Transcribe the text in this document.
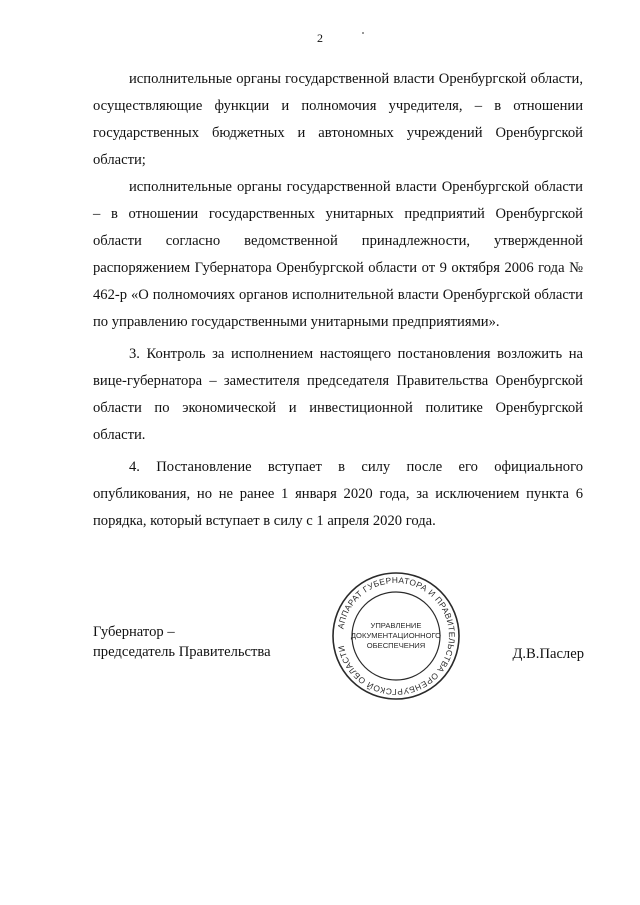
2

исполнительные органы государственной власти Оренбургской области, осуществляющие функции и полномочия учредителя, – в отношении государственных бюджетных и автономных учреждений Оренбургской области;

исполнительные органы государственной власти Оренбургской области – в отношении государственных унитарных предприятий Оренбургской области согласно ведомственной принадлежности, утвержденной распоряжением Губернатора Оренбургской области от 9 октября 2006 года № 462-р «О полномочиях органов исполнительной власти Оренбургской области по управлению государственными унитарными предприятиями».

3. Контроль за исполнением настоящего постановления возложить на вице-губернатора – заместителя председателя Правительства Оренбургской области по экономической и инвестиционной политике Оренбургской области.

4. Постановление вступает в силу после его официального опубликования, но не ранее 1 января 2020 года, за исключением пункта 6 порядка, который вступает в силу с 1 апреля 2020 года.

АППАРАТ ГУБЕРНАТОРА И ПРАВИТЕЛЬСТВА ОРЕНБУРГСКОЙ ОБЛАСТИ
УПРАВЛЕНИЕ
ДОКУМЕНТАЦИОННОГО
ОБЕСПЕЧЕНИЯ
Губернатор –
председатель Правительства	Д.В.Паслер
